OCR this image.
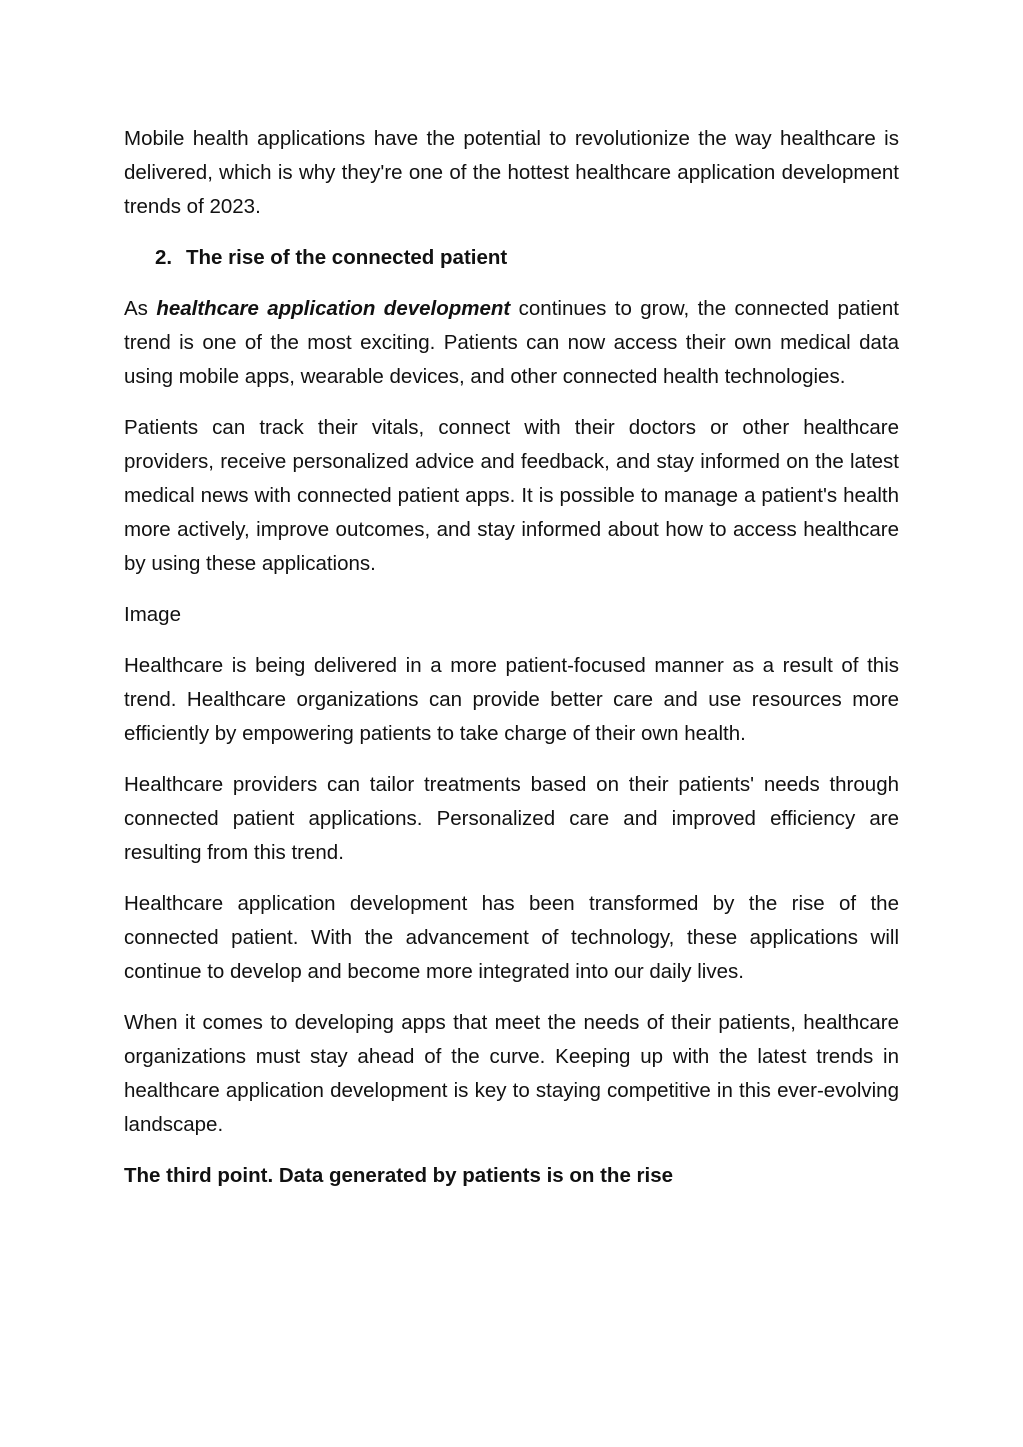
Mobile health applications have the potential to revolutionize the way healthcare is delivered, which is why they're one of the hottest healthcare application development trends of 2023.

2. The rise of the connected patient

As healthcare application development continues to grow, the connected patient trend is one of the most exciting. Patients can now access their own medical data using mobile apps, wearable devices, and other connected health technologies.

Patients can track their vitals, connect with their doctors or other healthcare providers, receive personalized advice and feedback, and stay informed on the latest medical news with connected patient apps. It is possible to manage a patient's health more actively, improve outcomes, and stay informed about how to access healthcare by using these applications.

Image

Healthcare is being delivered in a more patient-focused manner as a result of this trend. Healthcare organizations can provide better care and use resources more efficiently by empowering patients to take charge of their own health.

Healthcare providers can tailor treatments based on their patients' needs through connected patient applications. Personalized care and improved efficiency are resulting from this trend.

Healthcare application development has been transformed by the rise of the connected patient. With the advancement of technology, these applications will continue to develop and become more integrated into our daily lives.

When it comes to developing apps that meet the needs of their patients, healthcare organizations must stay ahead of the curve. Keeping up with the latest trends in healthcare application development is key to staying competitive in this ever-evolving landscape.

The third point. Data generated by patients is on the rise
